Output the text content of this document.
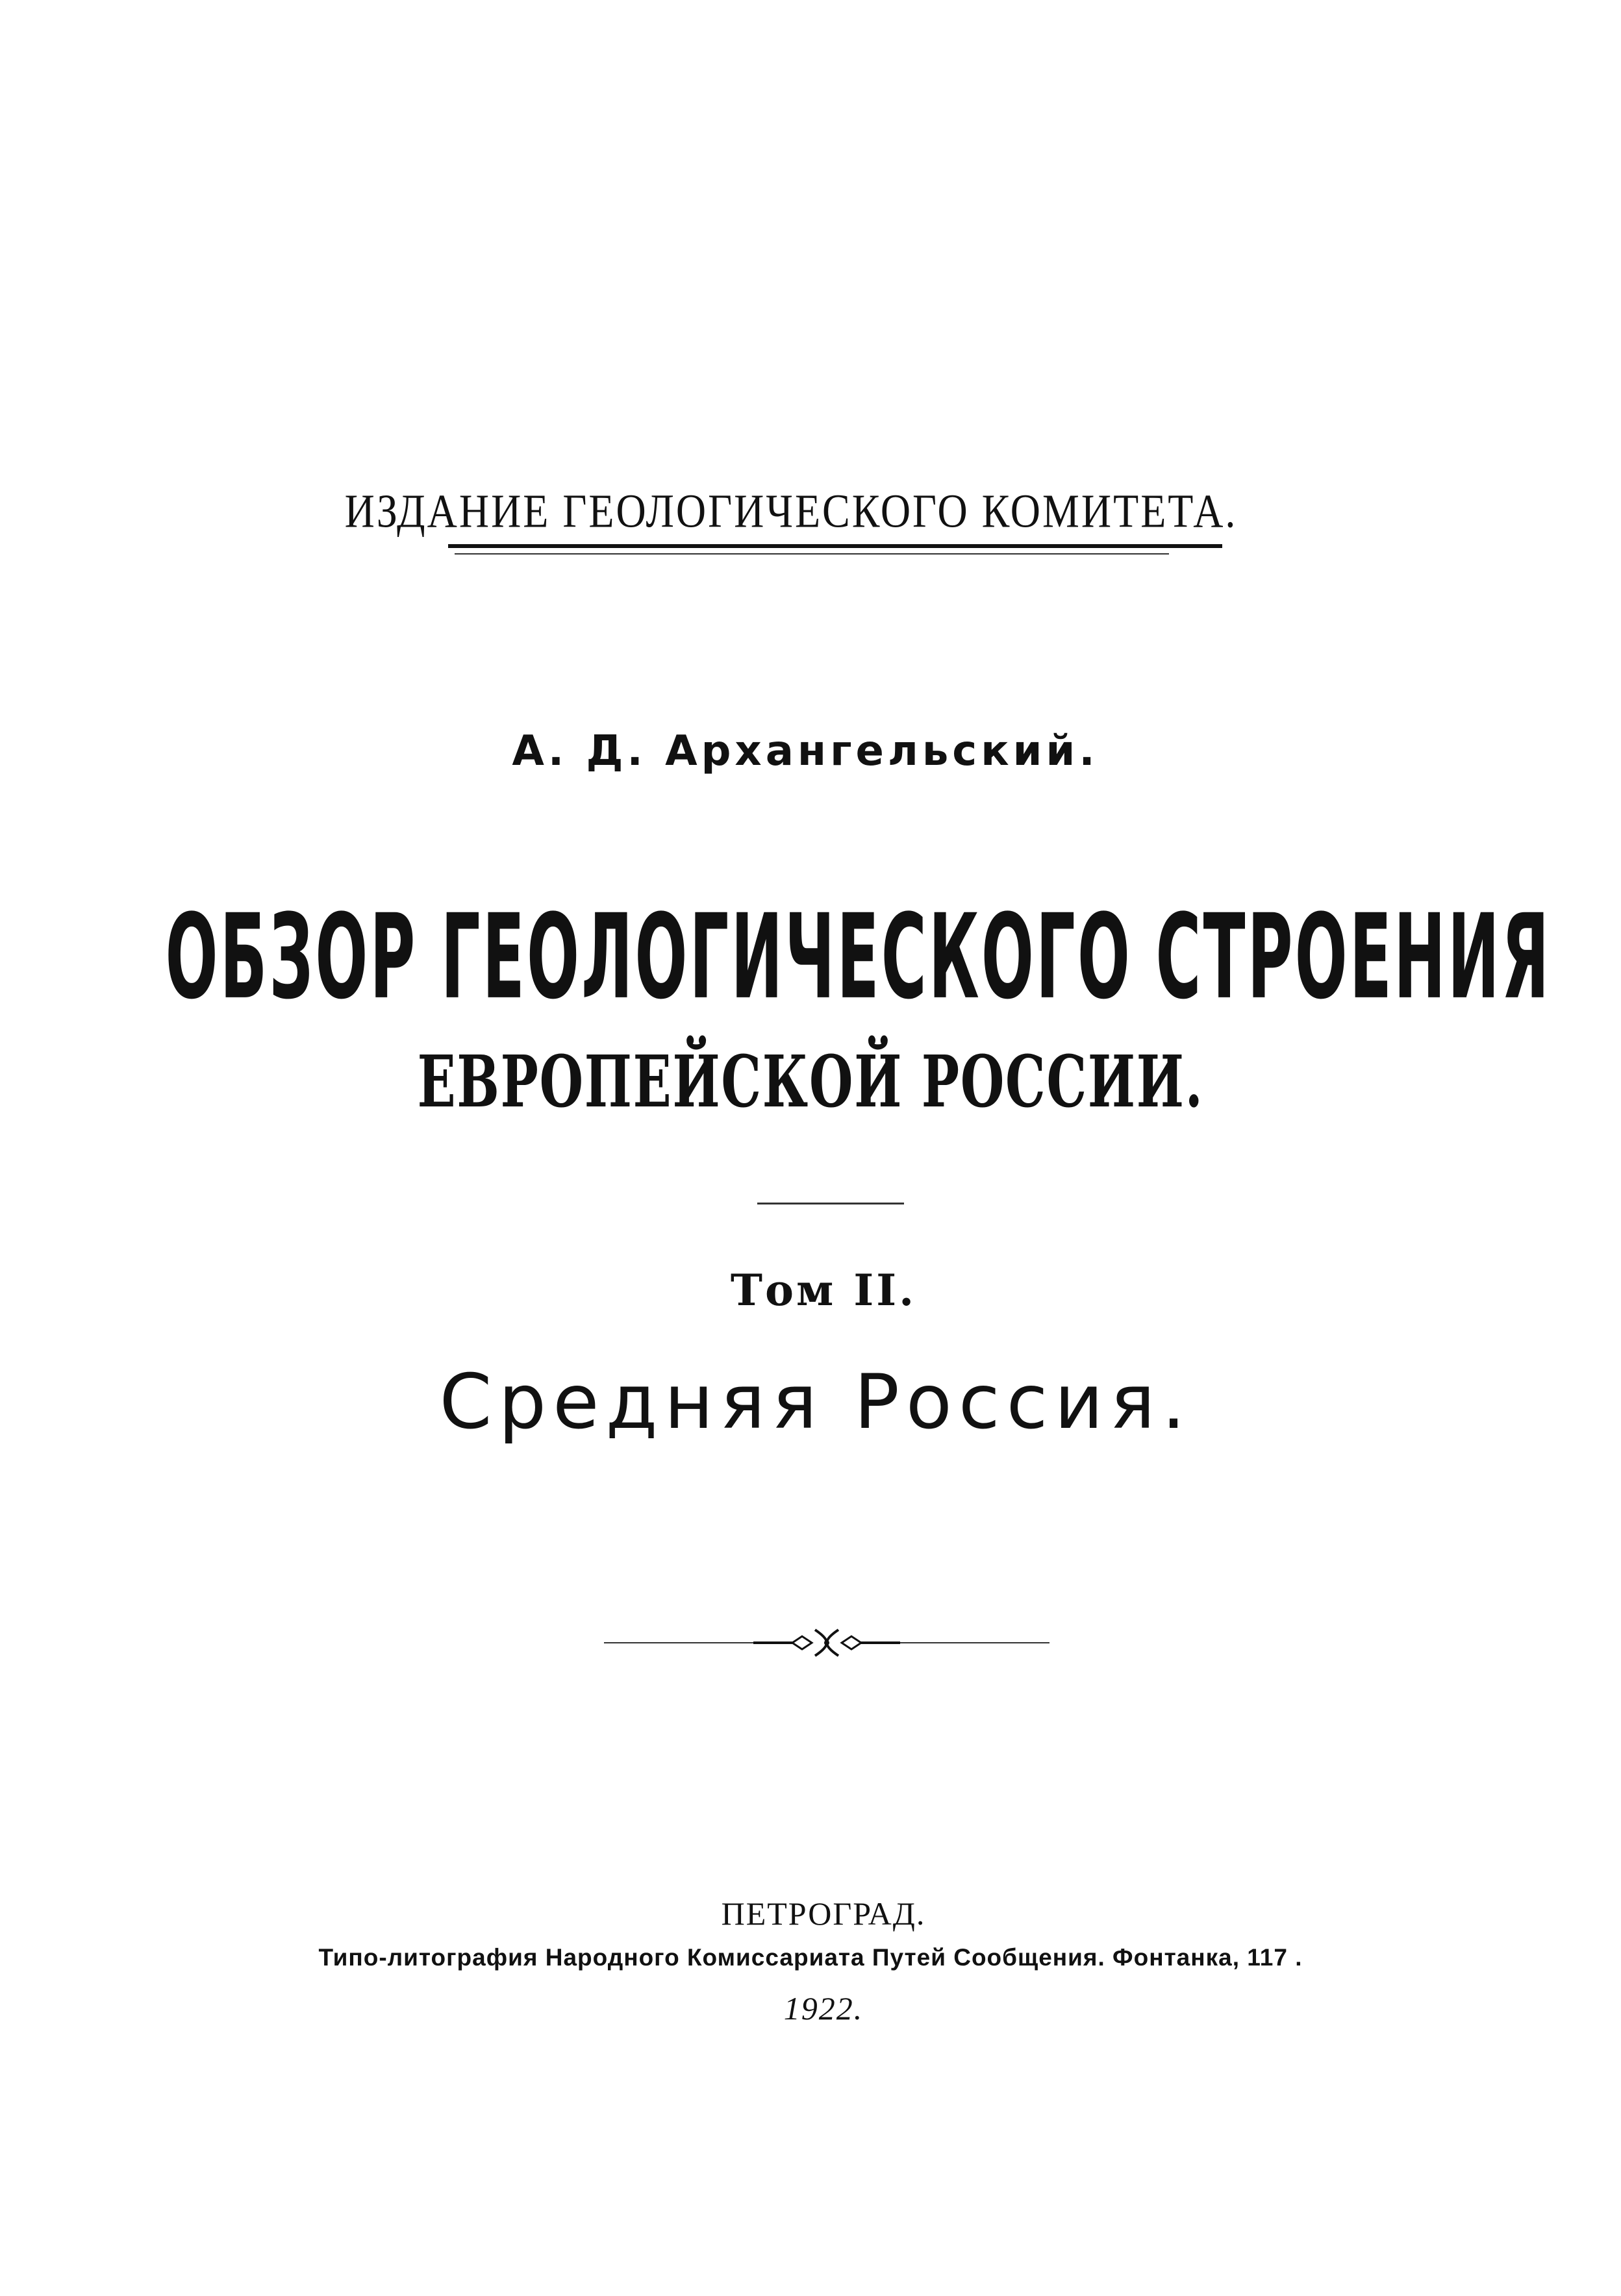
ИЗДАНИЕ ГЕОЛОГИЧЕСКОГО КОМИТЕТА.
А. Д. Архангельский.
ОБЗОР ГЕОЛОГИЧЕСКОГО СТРОЕНИЯ
ЕВРОПЕЙСКОЙ РОССИИ.
Том II.
Средняя Россия.
ПЕТРОГРАД.
Типо-литография Народного Комиссариата Путей Сообщения. Фонтанка, 117 .
1922.
